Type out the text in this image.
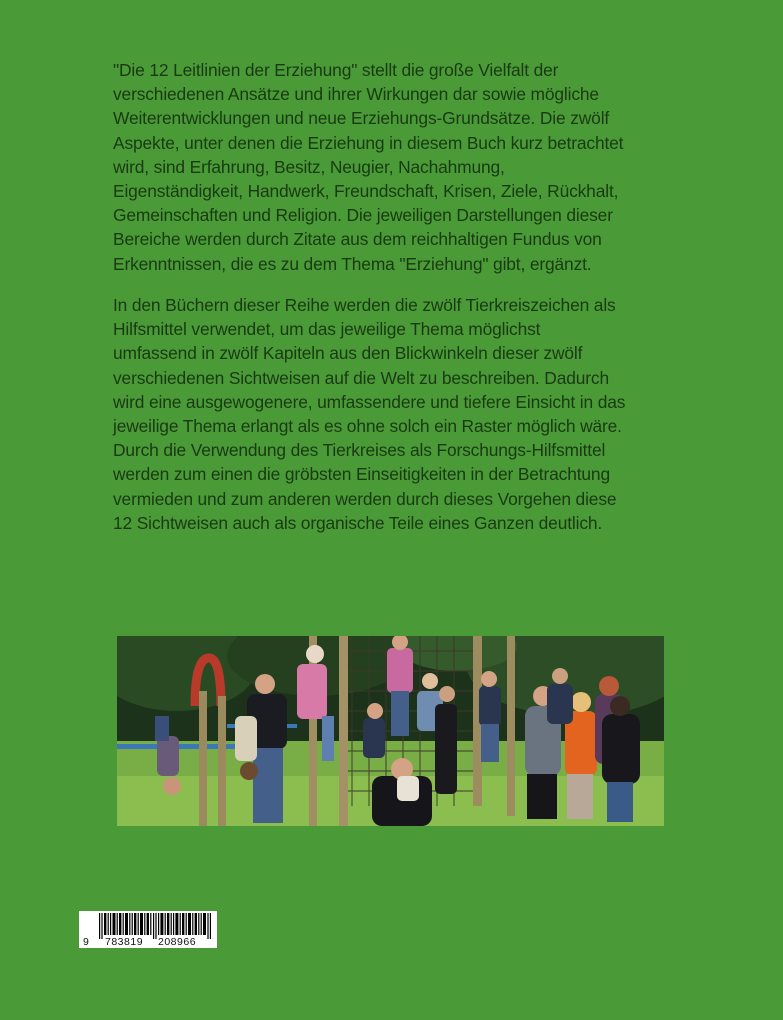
"Die 12 Leitlinien der Erziehung" stellt die große Vielfalt der
verschiedenen Ansätze und ihrer Wirkungen dar sowie mögliche
Weiterentwicklungen und neue Erziehungs-Grundsätze. Die zwölf
Aspekte, unter denen die Erziehung in diesem Buch kurz betrachtet
wird, sind Erfahrung, Besitz, Neugier, Nachahmung,
Eigenständigkeit, Handwerk, Freundschaft, Krisen, Ziele, Rückhalt,
Gemeinschaften und Religion. Die jeweiligen Darstellungen dieser
Bereiche werden durch Zitate aus dem reichhaltigen Fundus von
Erkenntnissen, die es zu dem Thema "Erziehung" gibt, ergänzt.
In den Büchern dieser Reihe werden die zwölf Tierkreiszeichen als
Hilfsmittel verwendet, um das jeweilige Thema möglichst
umfassend in zwölf Kapiteln aus den Blickwinkeln dieser zwölf
verschiedenen Sichtweisen auf die Welt zu beschreiben. Dadurch
wird eine ausgewogenere, umfassendere und tiefere Einsicht in das
jeweilige Thema erlangt als es ohne solch ein Raster möglich wäre.
Durch die Verwendung des Tierkreises als Forschungs-Hilfsmittel
werden zum einen die gröbsten Einseitigkeiten in der Betrachtung
vermieden und zum anderen werden durch dieses Vorgehen diese
12 Sichtweisen auch als organische Teile eines Ganzen deutlich.
9 783819 208966
